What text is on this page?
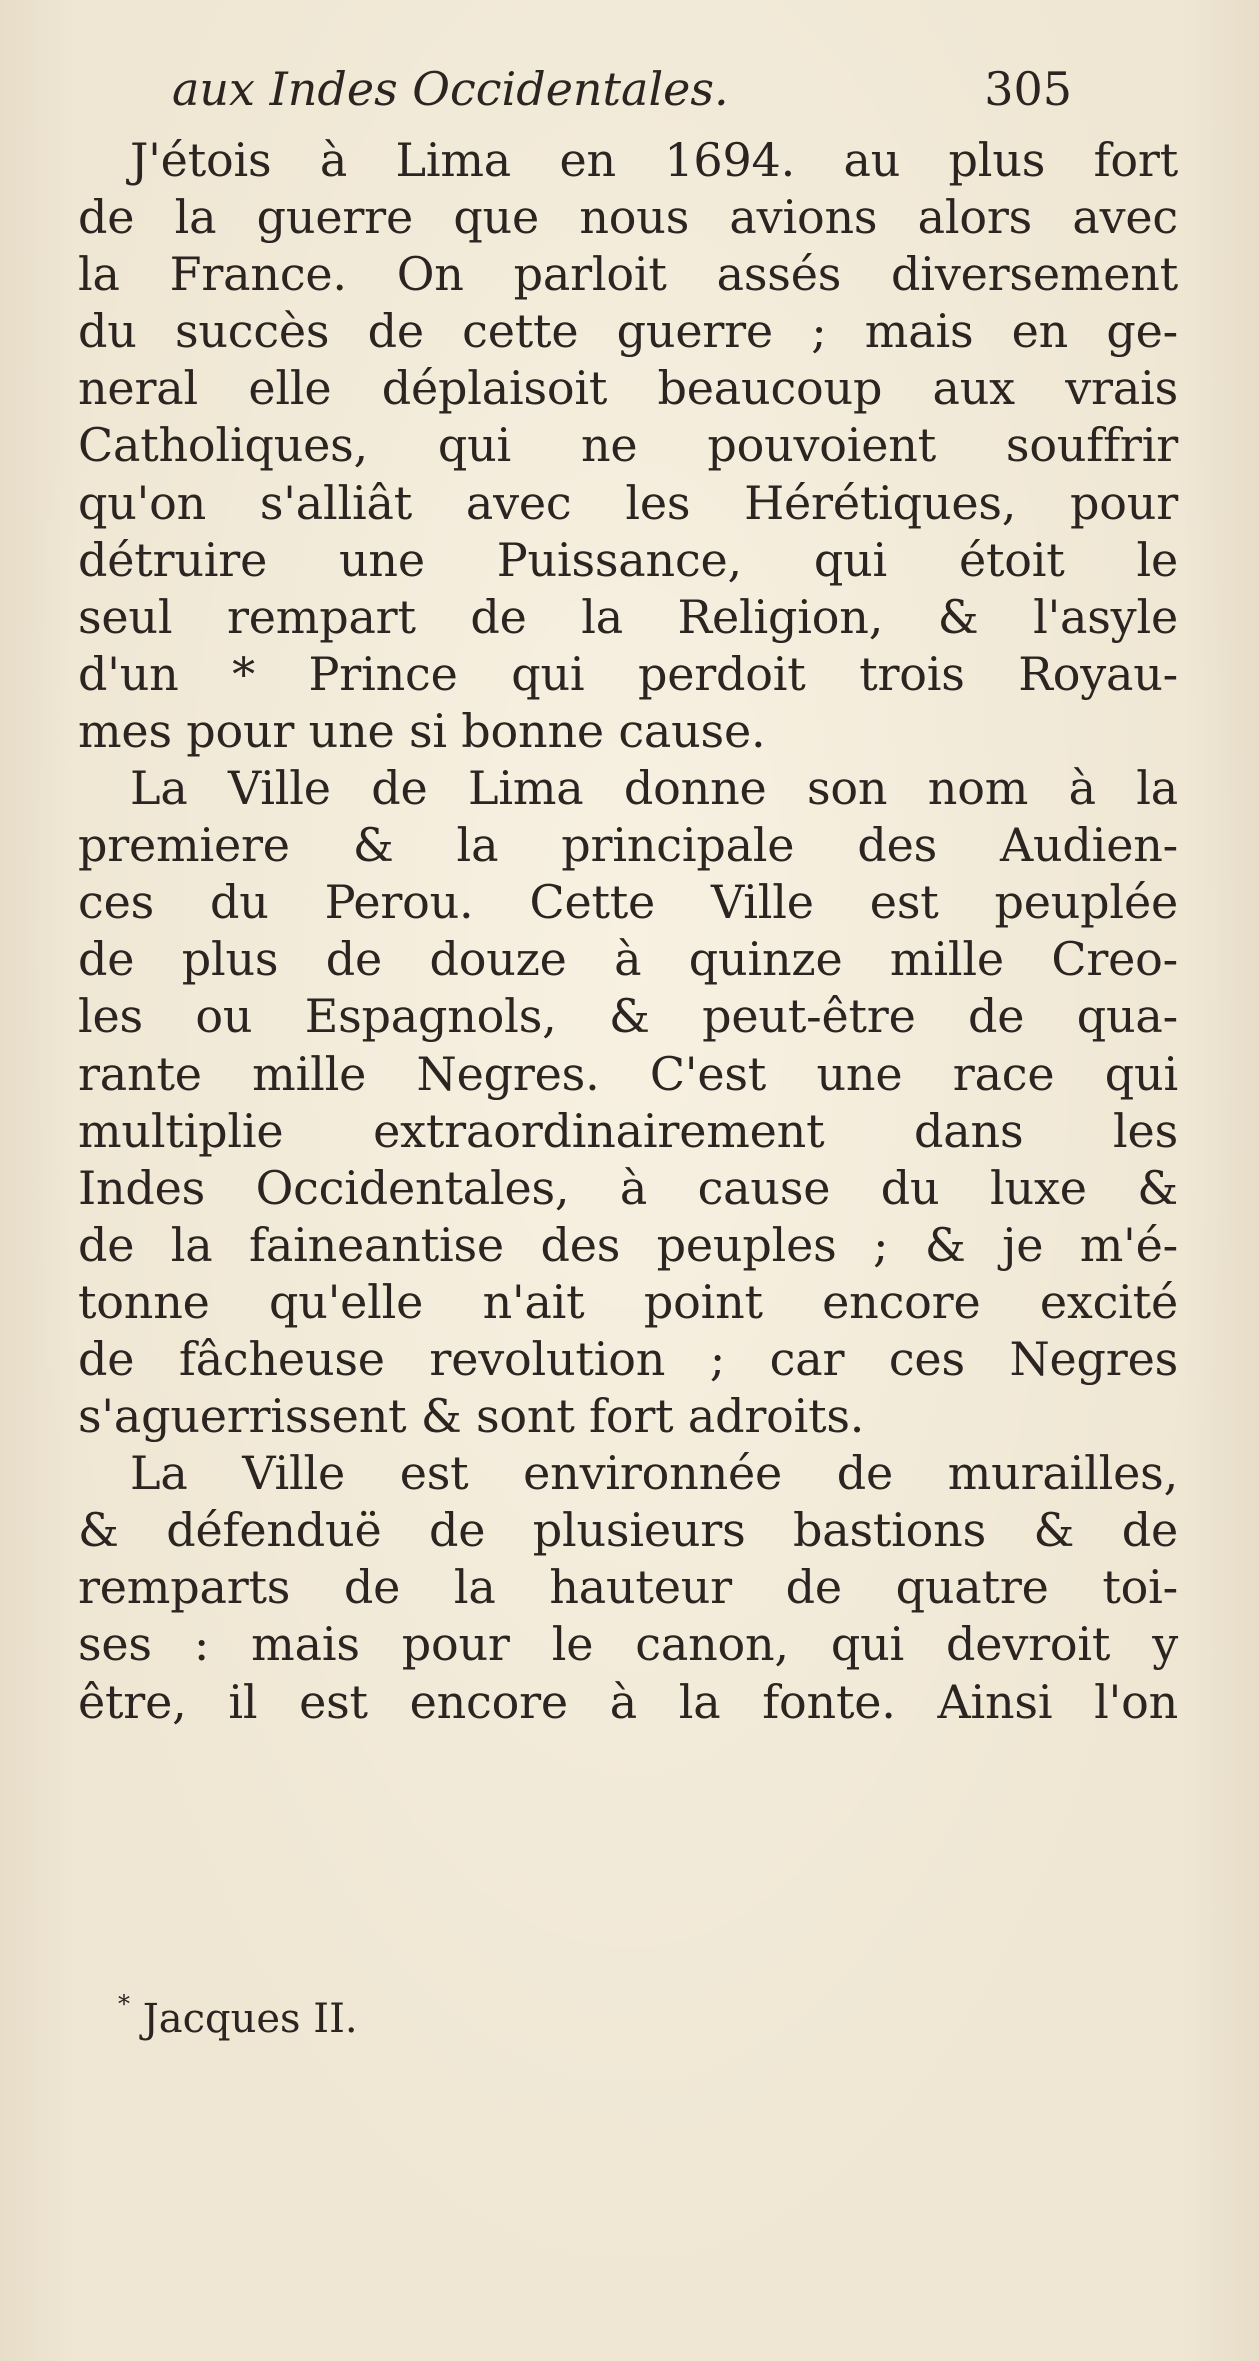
aux Indes Occidentales.	305
J'étois à Lima en 1694. au plus fort
de la guerre que nous avions alors avec
la France. On parloit assés diversement
du succès de cette guerre ; mais en ge-
neral elle déplaisoit beaucoup aux vrais
Catholiques, qui ne pouvoient souffrir
qu'on s'alliât avec les Hérétiques, pour
détruire une Puissance, qui étoit le
seul rempart de la Religion, & l'asyle
d'un * Prince qui perdoit trois Royau-
mes pour une si bonne cause.
La Ville de Lima donne son nom à la
premiere & la principale des Audien-
ces du Perou. Cette Ville est peuplée
de plus de douze à quinze mille Creo-
les ou Espagnols, & peut-être de qua-
rante mille Negres. C'est une race qui
multiplie extraordinairement dans les
Indes Occidentales, à cause du luxe &
de la faineantise des peuples ; & je m'é-
tonne qu'elle n'ait point encore excité
de fâcheuse revolution ; car ces Negres
s'aguerrissent & sont fort adroits.
La Ville est environnée de murailles,
& défenduë de plusieurs bastions & de
remparts de la hauteur de quatre toi-
ses : mais pour le canon, qui devroit y
être, il est encore à la fonte. Ainsi l'on
* Jacques II.
